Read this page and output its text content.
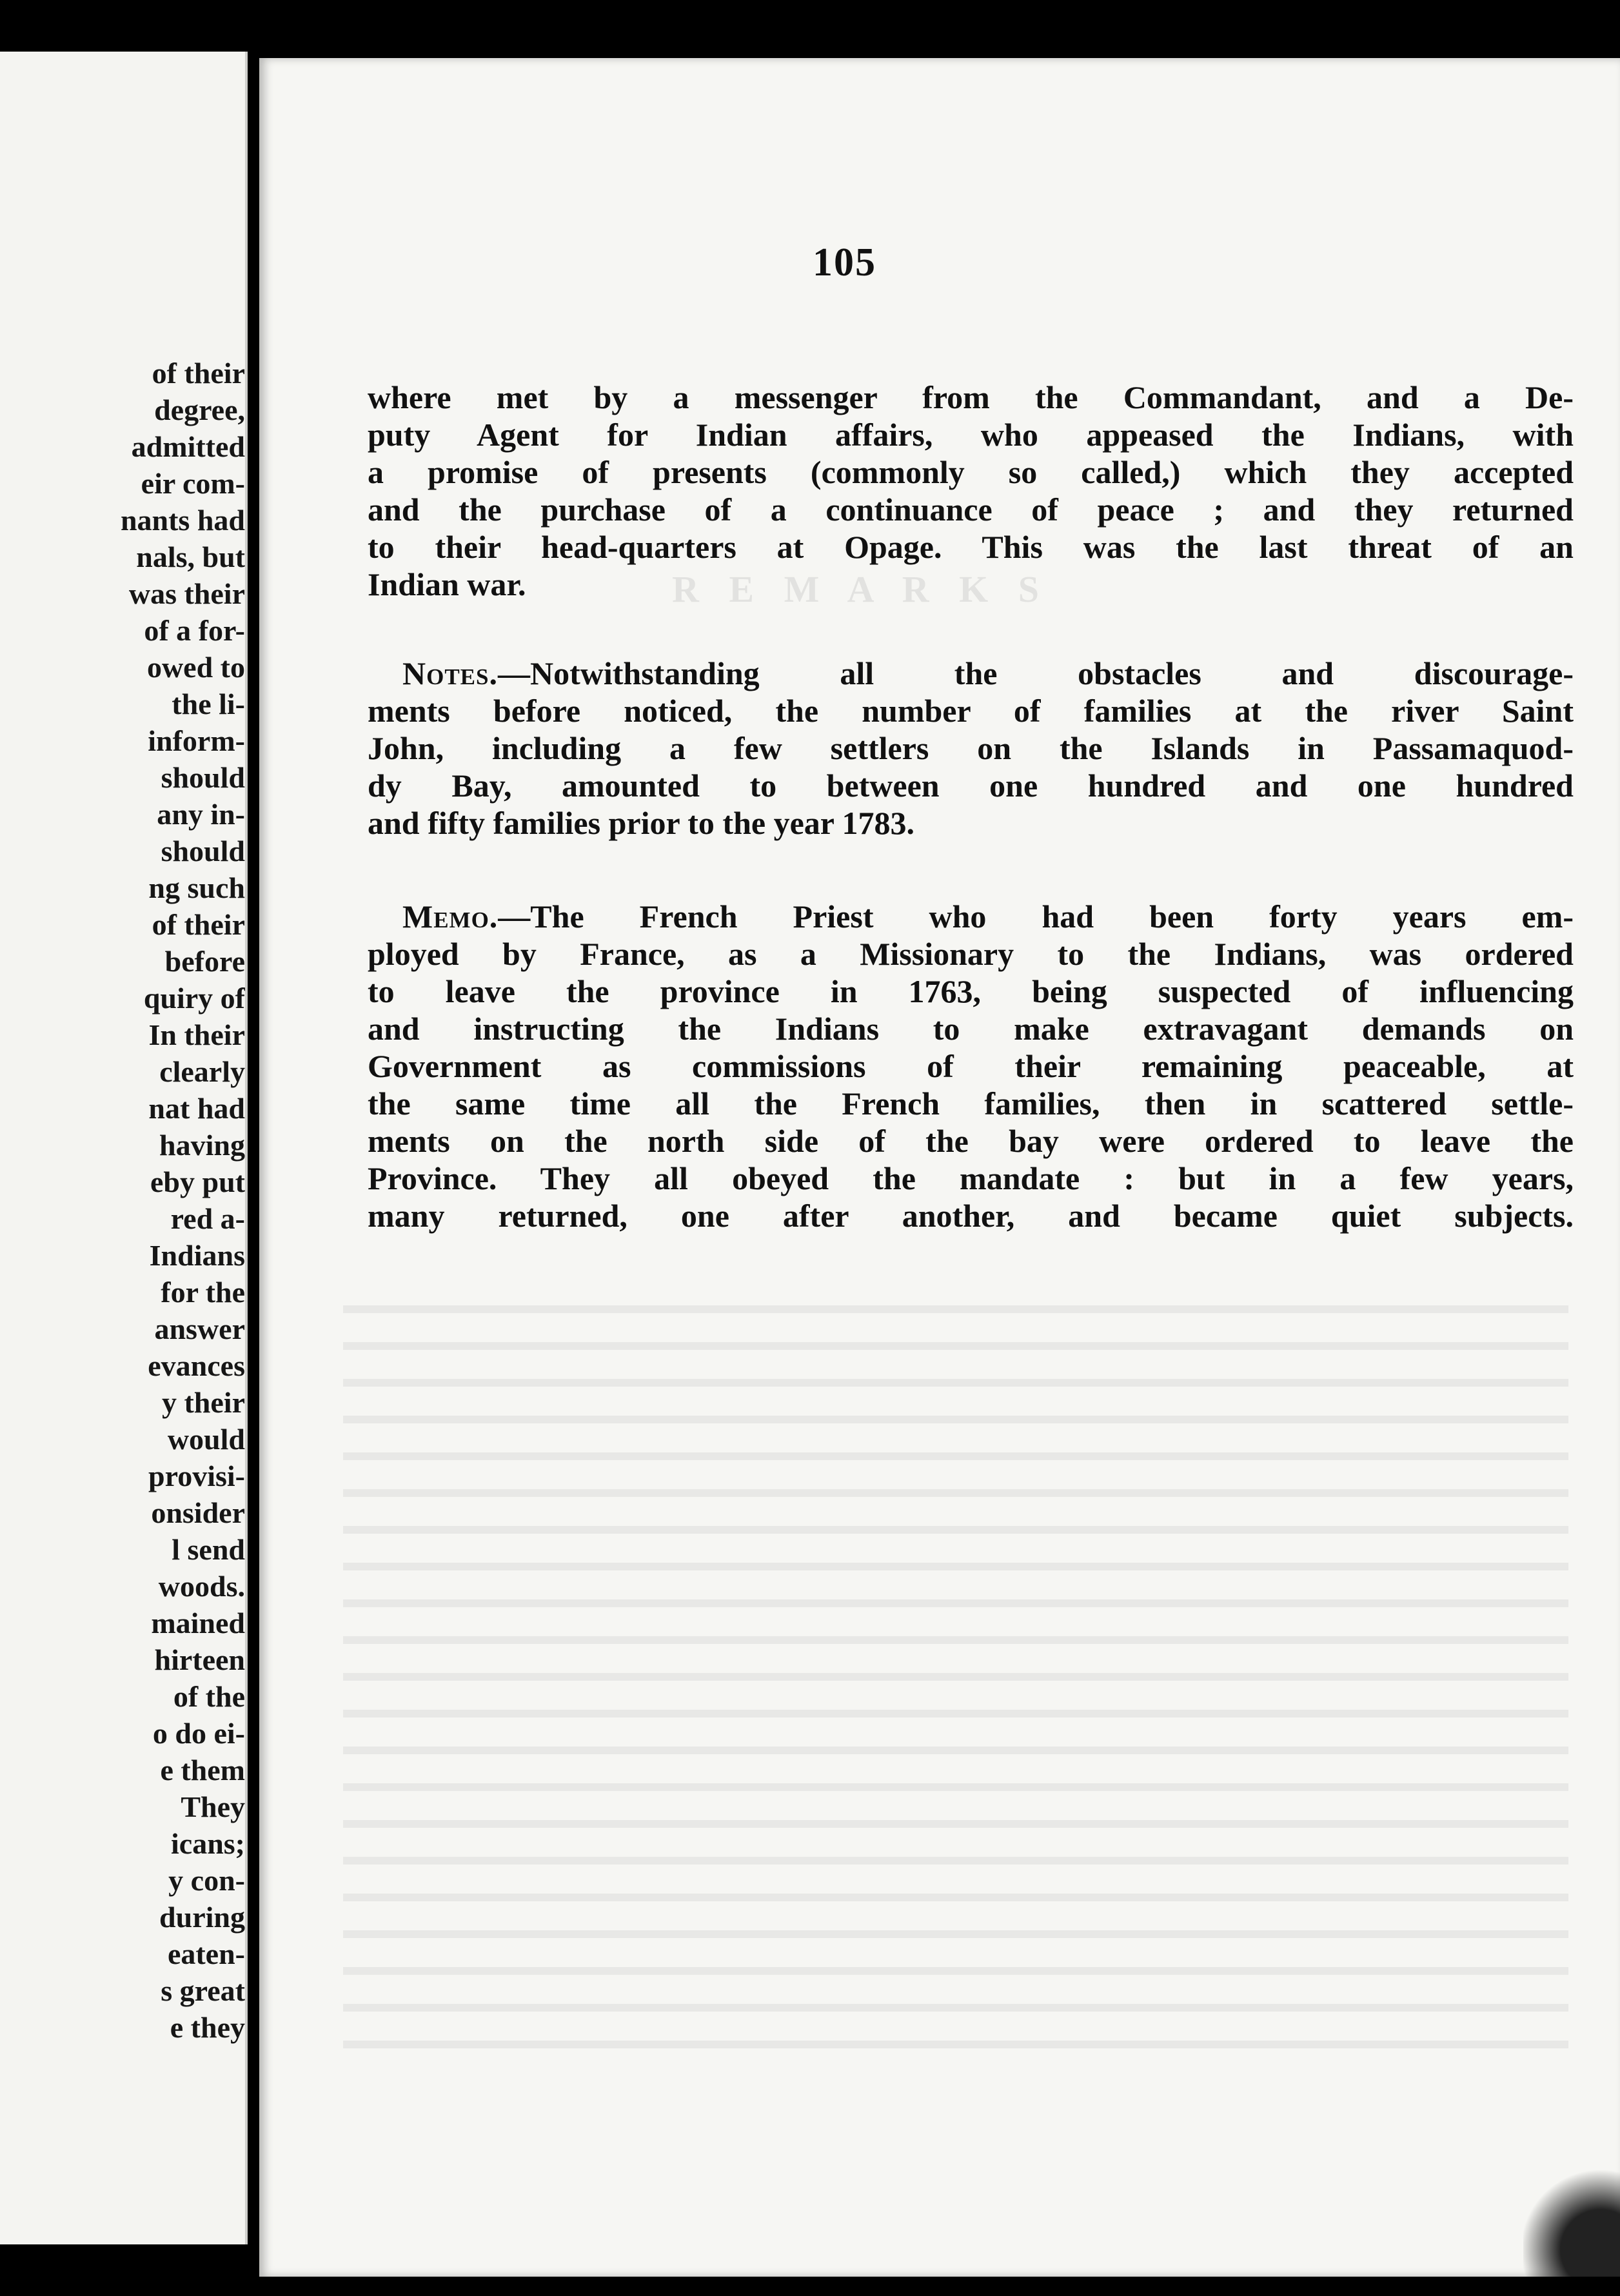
of their
degree,
admitted
eir com-
nants had
nals, but
was their
of a for-
owed to
the li-
inform-
should
any in-
should
ng such
of their
before
quiry of
In their
clearly
nat had
having
eby put
red a-
Indians
for the
answer
evances
y their
would
provisi-
onsider
l send
woods.
mained
hirteen
of the
o do ei-
e them
They
icans;
y con-
during
eaten-
s great
e they
R E M A R K S
105
where met by a messenger from the Commandant, and a De-
puty Agent for Indian affairs, who appeased the Indians, with
a promise of presents (commonly so called,) which they accepted
and the purchase of a continuance of peace ; and they returned
to their head-quarters at Opage. This was the last threat of an
Indian war.
Notes.—Notwithstanding all the obstacles and discourage-
ments before noticed, the number of families at the river Saint
John, including a few settlers on the Islands in Passamaquod-
dy Bay, amounted to between one hundred and one hundred
and fifty families prior to the year 1783.
Memo.—The French Priest who had been forty years em-
ployed by France, as a Missionary to the Indians, was ordered
to leave the province in 1763, being suspected of influencing
and instructing the Indians to make extravagant demands on
Government as commissions of their remaining peaceable, at
the same time all the French families, then in scattered settle-
ments on the north side of the bay were ordered to leave the
Province. They all obeyed the mandate : but in a few years,
many returned, one after another, and became quiet subjects.
